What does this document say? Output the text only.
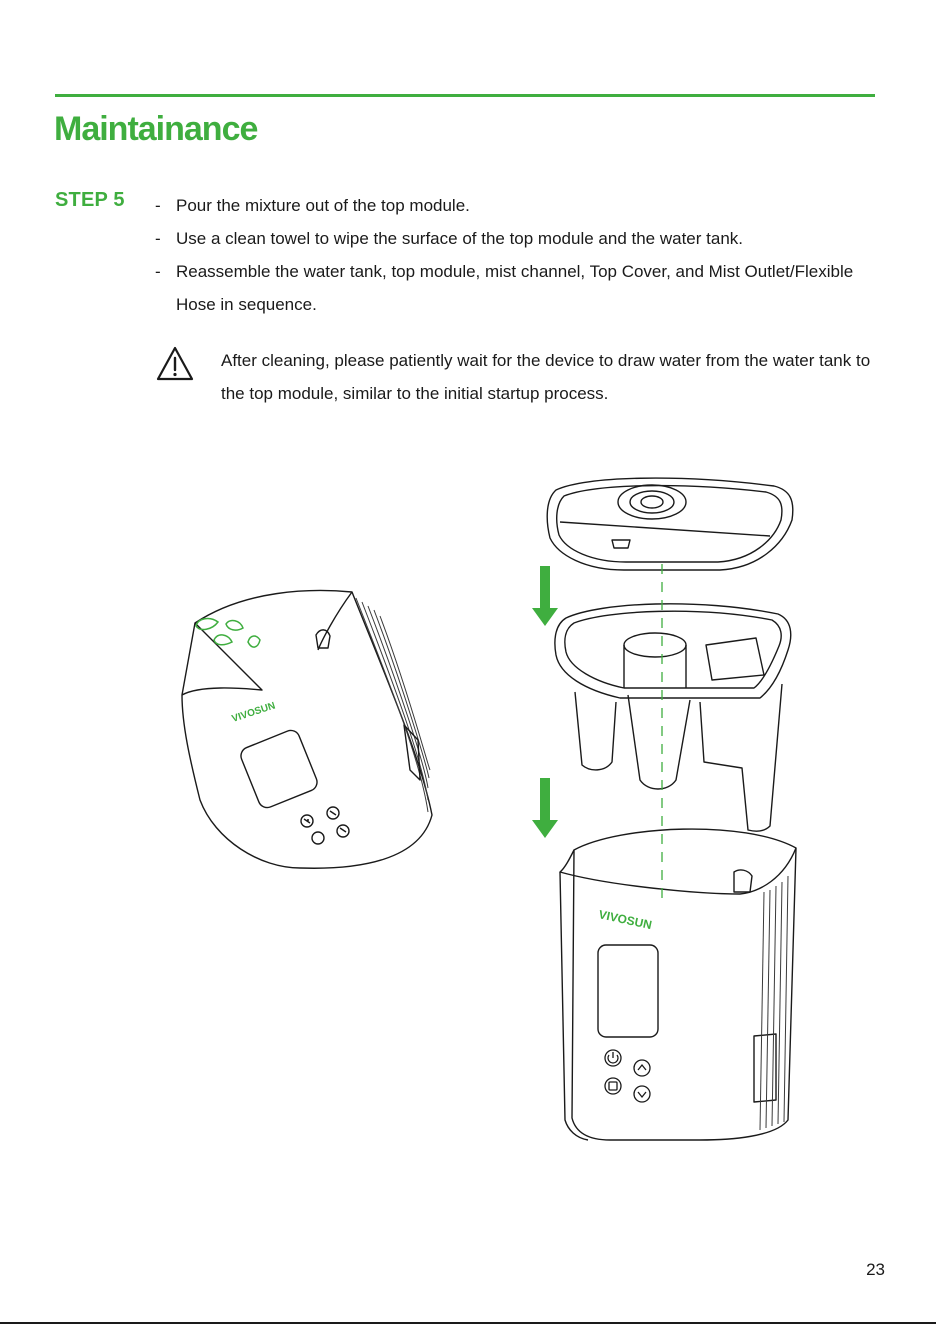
Maintainance
STEP 5 - Pour the mixture out of the top module.
- Use a clean towel to wipe the surface of the top module and the water tank.
- Reassemble the water tank, top module, mist channel, Top Cover, and Mist Outlet/Flexible Hose in sequence.
After cleaning, please patiently wait for the device to draw water from the water tank to the top module, similar to the initial startup process.
VIVOSUN
VIVOSUN
23
